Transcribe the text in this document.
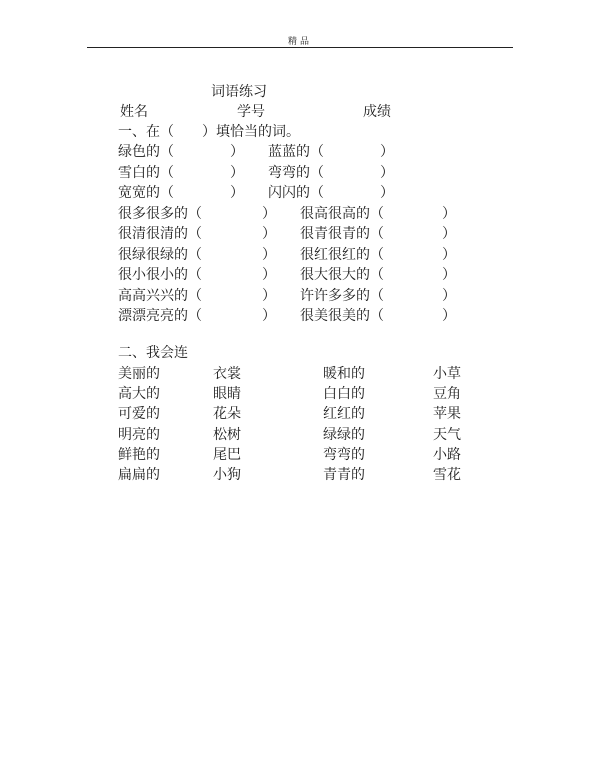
精品
词语练习
姓名	学号	成绩
一、在（　　）填恰当的词。
绿色的（	） 蓝蓝的（	）
雪白的（	） 弯弯的（	）
宽宽的（	） 闪闪的（	）
很多很多的（	） 很高很高的（	）
很清很清的（	） 很青很青的（	）
很绿很绿的（	） 很红很红的（	）
很小很小的（	） 很大很大的（	）
高高兴兴的（	） 许许多多的（	）
漂漂亮亮的（	） 很美很美的（	）
二、我会连
美丽的	衣裳	暖和的	小草
高大的	眼睛	白白的	豆角
可爱的	花朵	红红的	苹果
明亮的	松树	绿绿的	天气
鲜艳的	尾巴	弯弯的	小路
扁扁的	小狗	青青的	雪花
